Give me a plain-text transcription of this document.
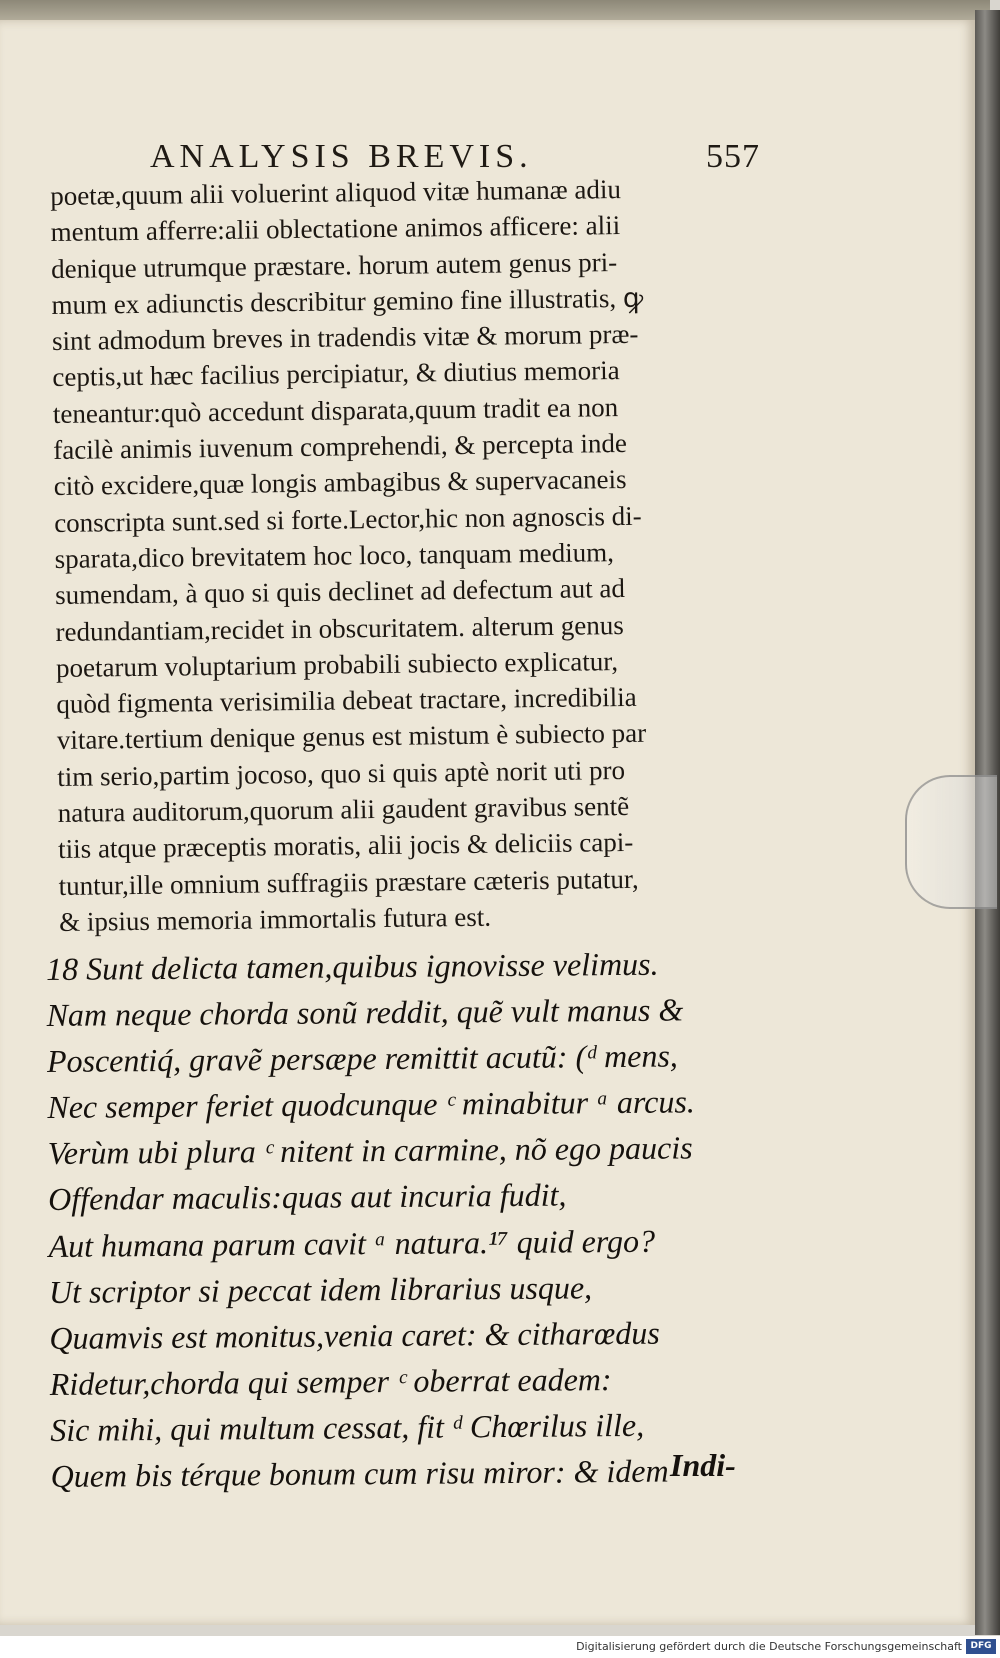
ANALYSIS BREVIS.	557
poetæ,quum alii voluerint aliquod vitæ humanæ adiu
mentum afferre:alii oblectatione animos afficere: alii
denique utrumque præstare. horum autem genus pri-
mum ex adiunctis describitur gemino fine illustratis, ꝙ
sint admodum breves in tradendis vitæ & morum præ-
ceptis,ut hæc facilius percipiatur, & diutius memoria
teneantur:quò accedunt disparata,quum tradit ea non
facilè animis iuvenum comprehendi, & percepta inde
citò excidere,quæ longis ambagibus & supervacaneis
conscripta sunt.sed si forte.Lector,hic non agnoscis di-
sparata,dico brevitatem hoc loco, tanquam medium,
sumendam, à quo si quis declinet ad defectum aut ad
redundantiam,recidet in obscuritatem. alterum genus
poetarum voluptarium probabili subiecto explicatur,
quòd figmenta verisimilia debeat tractare, incredibilia
vitare.tertium denique genus est mistum è subiecto par
tim serio,partim jocoso, quo si quis aptè norit uti pro
natura auditorum,quorum alii gaudent gravibus sentẽ
tiis atque præceptis moratis, alii jocis & deliciis capi-
tuntur,ille omnium suffragiis præstare cæteris putatur,
& ipsius memoria immortalis futura est.
18 Sunt delicta tamen,quibus ignovisse velimus.
Nam neque chorda sonũ reddit, quẽ vult manus &
Poscentiq́, gravẽ persæpe remittit acutũ: (ᵈ mens,
Nec semper feriet quodcunque ᶜ minabitur ᵃ arcus.
Verùm ubi plura ᶜ nitent in carmine, nõ ego paucis
Offendar maculis:quas aut incuria fudit,
Aut humana parum cavit ᵃ natura.¹⁷ quid ergo?
Ut scriptor si peccat idem librarius usque,
Quamvis est monitus,venia caret: & citharœdus
Ridetur,chorda qui semper ᶜ oberrat eadem:
Sic mihi, qui multum cessat, fit ᵈ Chœrilus ille,
Quem bis térque bonum cum risu miror: & idem Indi-
Digitalisierung gefördert durch die Deutsche Forschungsgemeinschaft DFG
